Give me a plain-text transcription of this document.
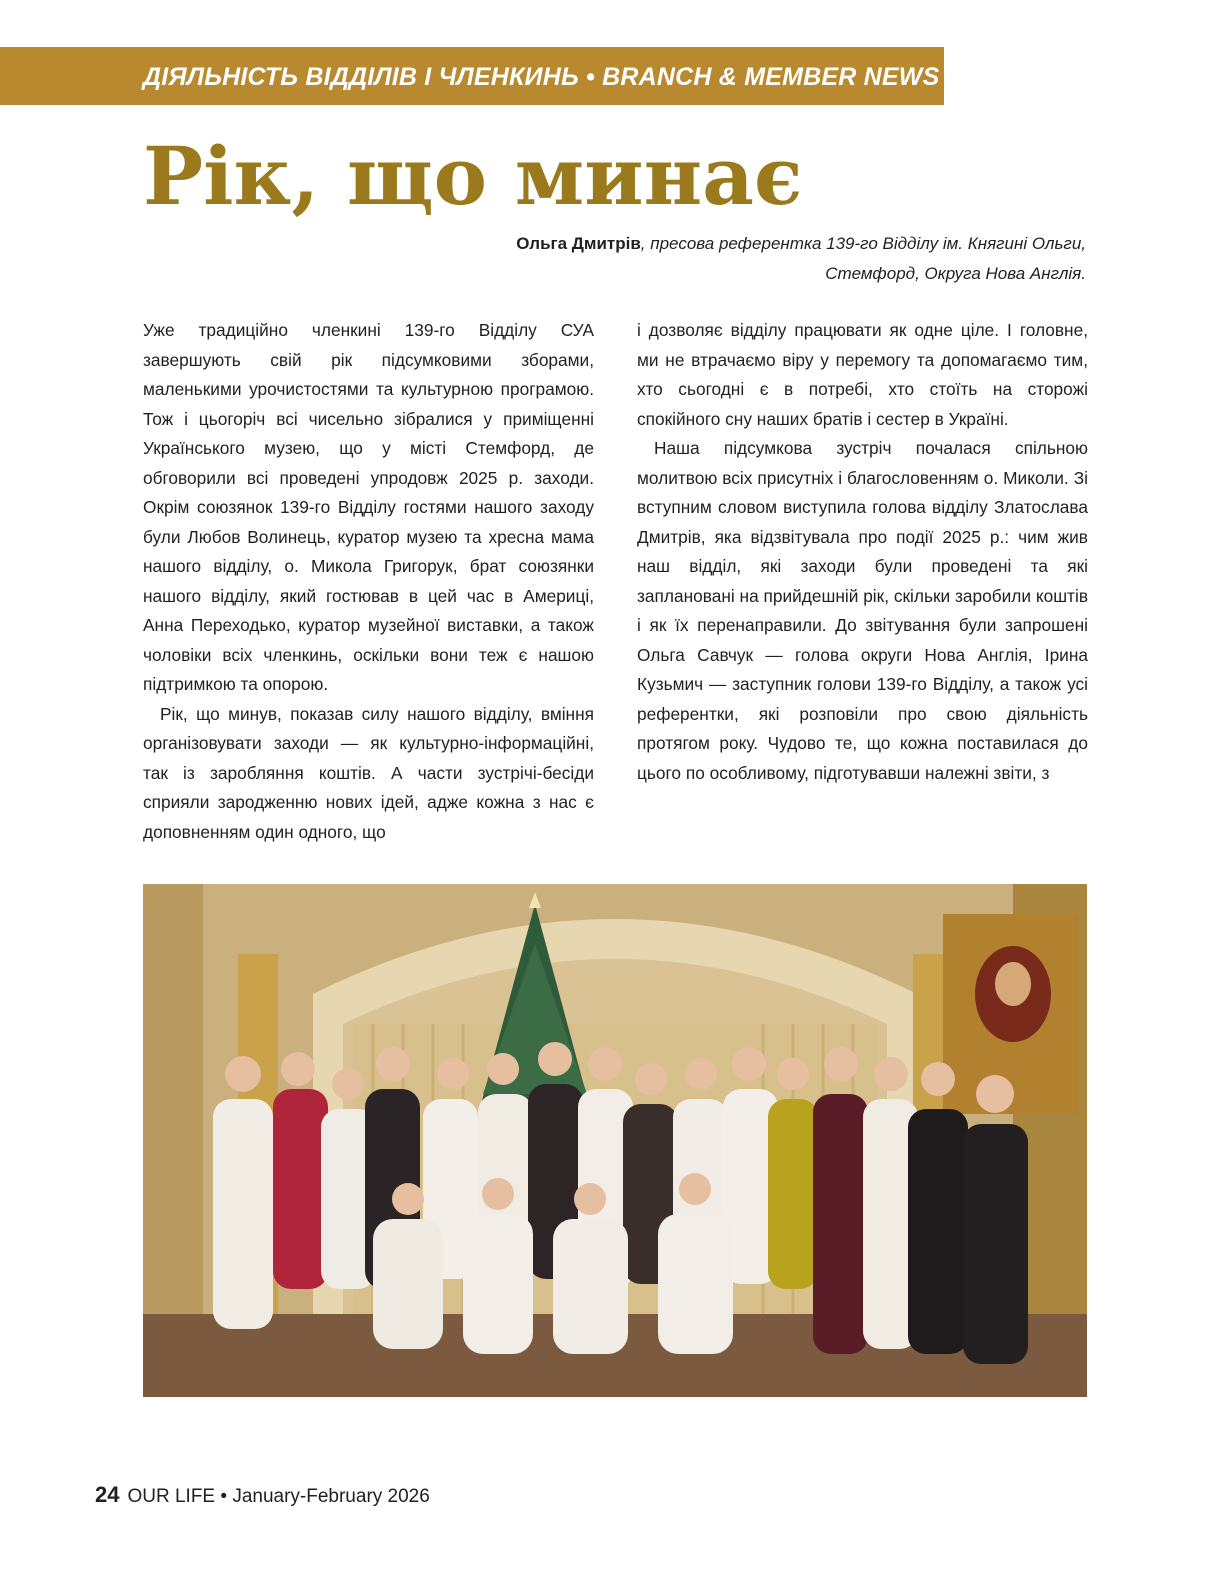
ДІЯЛЬНІСТЬ ВІДДІЛІВ І ЧЛЕНКИНЬ • BRANCH & MEMBER NEWS
Рік, що минає
Ольга Дмитрів, пресова референтка 139-го Відділу ім. Княгині Ольги,
Стемфорд, Округа Нова Англія.

Уже традиційно членкині 139-го Відділу СУА завершують свій рік підсумковими зборами, маленькими урочистостями та культурною програмою. Тож і цьогоріч всі чисельно зібралися у приміщенні Українського музею, що у місті Стемфорд, де обговорили всі проведені упродовж 2025 р. заходи. Окрім союзянок 139-го Відділу гостями нашого заходу були Любов Волинець, куратор музею та хресна мама нашого відділу, о. Микола Григорук, брат союзянки нашого відділу, який гостював в цей час в Америці, Анна Переходько, куратор музейної виставки, а також чоловіки всіх членкинь, оскільки вони теж є нашою підтримкою та опорою.

Рік, що минув, показав силу нашого відділу, вміння організовувати заходи — як культурно-інформаційні, так із заробляння коштів. А части зустрічі-бесіди сприяли зародженню нових ідей, адже кожна з нас є доповненням один одного, що

і дозволяє відділу працювати як одне ціле. І головне, ми не втрачаємо віру у перемогу та допомагаємо тим, хто сьогодні є в потребі, хто стоїть на сторожі спокійного сну наших братів і сестер в Україні.

Наша підсумкова зустріч почалася спільною молитвою всіх присутніх і благословенням о. Миколи. Зі вступним словом виступила голова відділу Златослава Дмитрів, яка відзвітувала про події 2025 р.: чим жив наш відділ, які заходи були проведені та які заплановані на прийдешній рік, скільки заробили коштів і як їх перенаправили. До звітування були запрошені Ольга Савчук — голова округи Нова Англія, Ірина Кузьмич — заступник голови 139-го Відділу, а також усі референтки, які розповіли про свою діяльність протягом року. Чудово те, що кожна поставилася до цього по особливому, підготувавши належні звіти, з

24 OUR LIFE • January-February 2026
